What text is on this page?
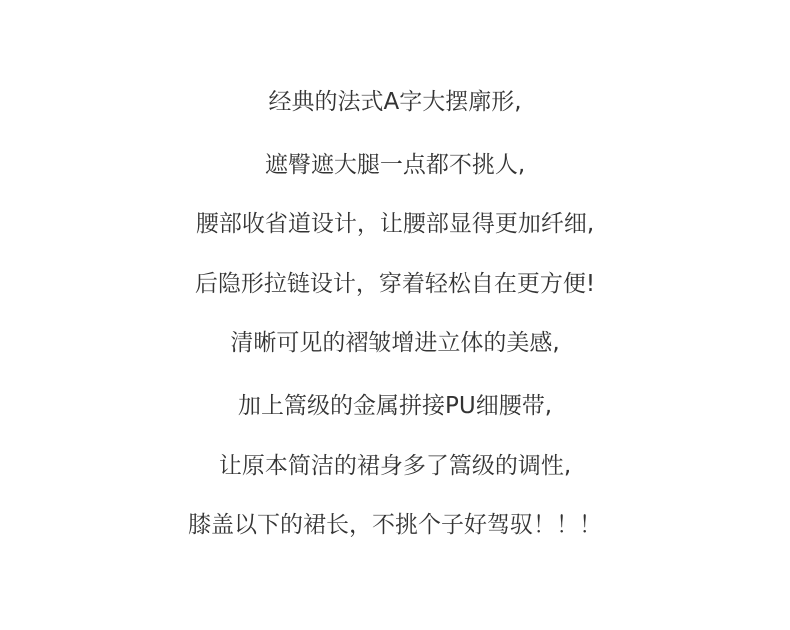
经典的法式A字大摆廓形,
遮臀遮大腿一点都不挑人,
腰部收省道设计，让腰部显得更加纤细,
后隐形拉链设计，穿着轻松自在更方便!
清晰可见的褶皱增进立体的美感,
加上篙级的金属拼接PU细腰带,
让原本简洁的裙身多了篙级的调性,
膝盖以下的裙长，不挑个子好驾驭！！！
